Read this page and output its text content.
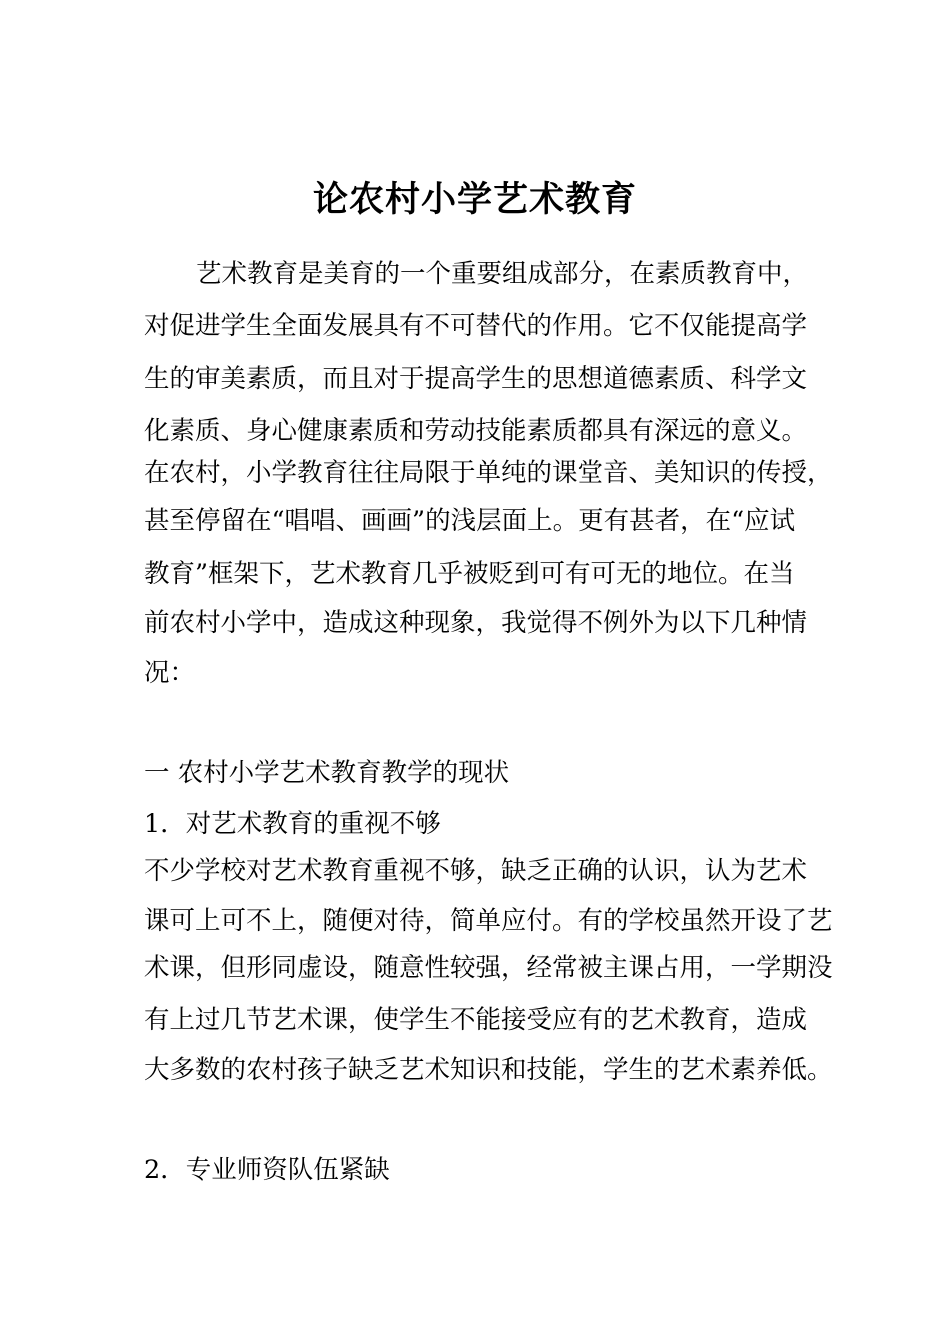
论农村小学艺术教育
艺术教育是美育的一个重要组成部分，在素质教育中，
对促进学生全面发展具有不可替代的作用。它不仅能提高学
生的审美素质，而且对于提高学生的思想道德素质、科学文
化素质、身心健康素质和劳动技能素质都具有深远的意义。
在农村，小学教育往往局限于单纯的课堂音、美知识的传授，
甚至停留在“唱唱、画画”的浅层面上。更有甚者，在“应试
教育”框架下，艺术教育几乎被贬到可有可无的地位。在当
前农村小学中，造成这种现象，我觉得不例外为以下几种情
况：
一 农村小学艺术教育教学的现状
1．对艺术教育的重视不够
不少学校对艺术教育重视不够，缺乏正确的认识，认为艺术
课可上可不上，随便对待，简单应付。有的学校虽然开设了艺
术课，但形同虚设，随意性较强，经常被主课占用，一学期没
有上过几节艺术课，使学生不能接受应有的艺术教育，造成
大多数的农村孩子缺乏艺术知识和技能，学生的艺术素养低。
2．专业师资队伍紧缺
